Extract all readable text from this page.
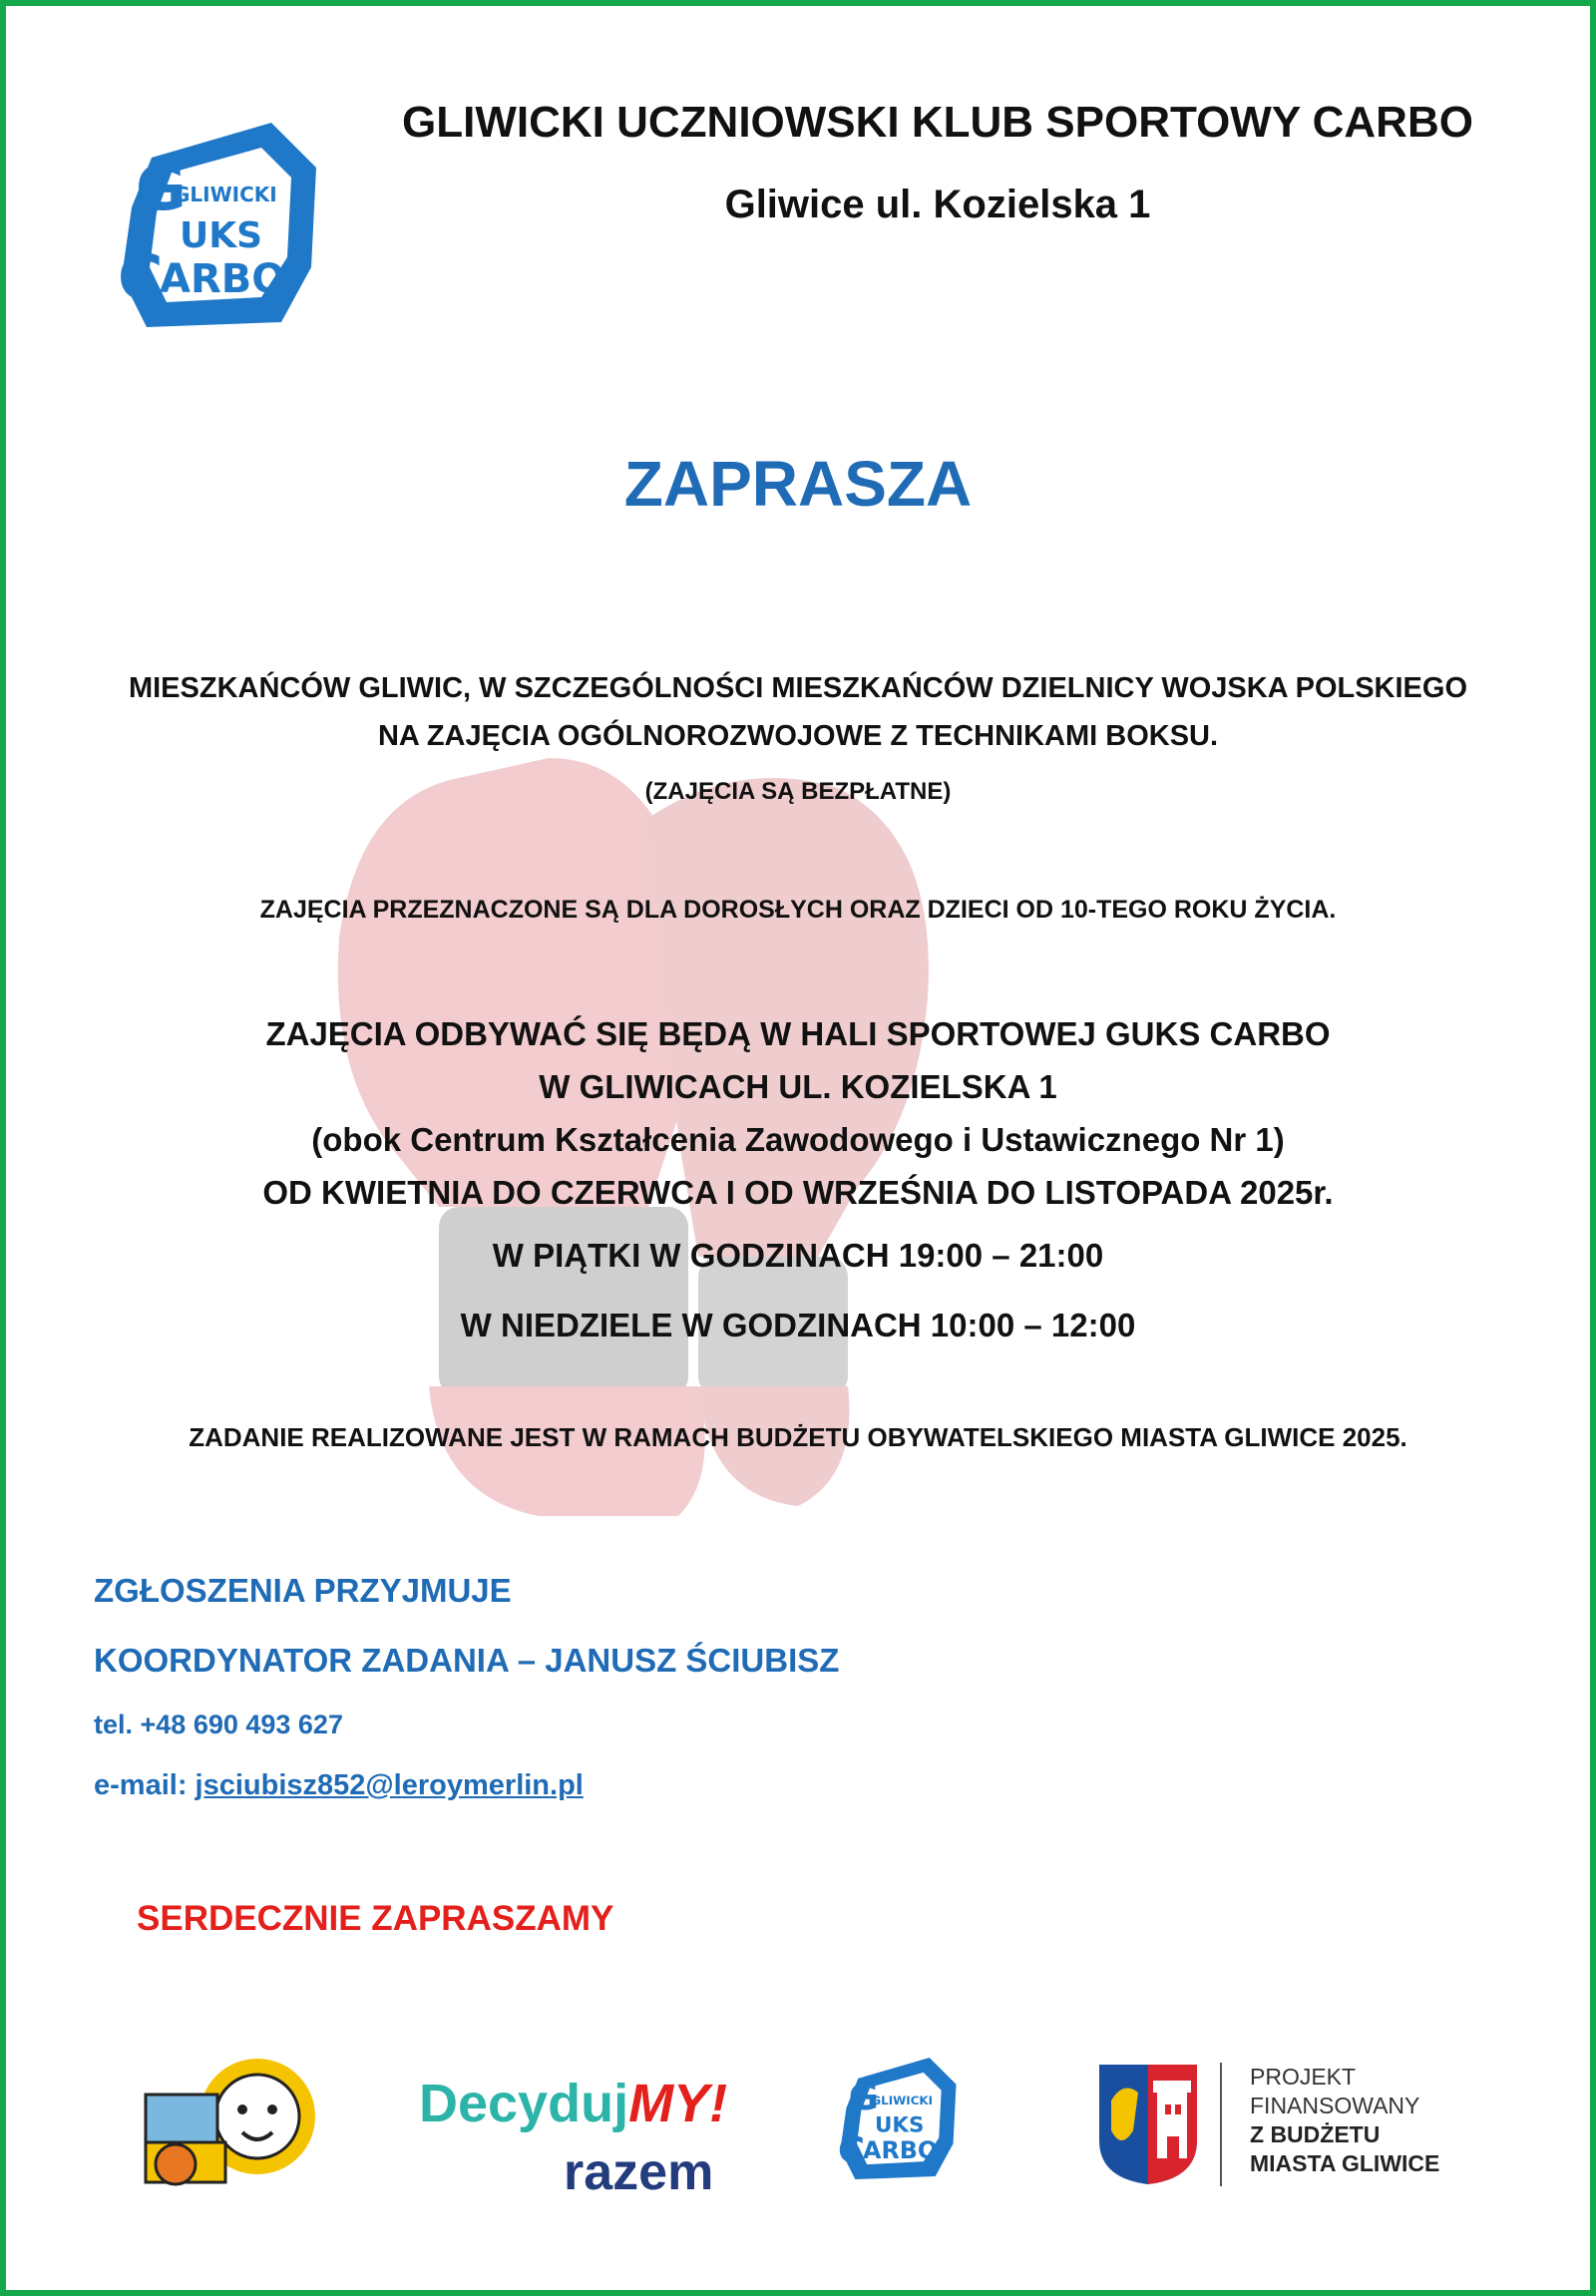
G
GLIWICKI
UKS
C
ARBO
GLIWICKI UCZNIOWSKI KLUB SPORTOWY CARBO
Gliwice ul. Kozielska 1
ZAPRASZA
MIESZKAŃCÓW GLIWIC, W SZCZEGÓLNOŚCI MIESZKAŃCÓW DZIELNICY WOJSKA POLSKIEGO
NA ZAJĘCIA OGÓLNOROZWOJOWE Z TECHNIKAMI BOKSU.
(ZAJĘCIA SĄ BEZPŁATNE)
ZAJĘCIA PRZEZNACZONE SĄ DLA DOROSŁYCH ORAZ DZIECI OD 10-TEGO ROKU ŻYCIA.
ZAJĘCIA ODBYWAĆ SIĘ BĘDĄ W HALI SPORTOWEJ GUKS CARBO
W GLIWICACH UL. KOZIELSKA 1
(obok Centrum Kształcenia Zawodowego i Ustawicznego Nr 1)
OD KWIETNIA DO CZERWCA I OD WRZEŚNIA DO LISTOPADA 2025r.
W PIĄTKI W GODZINACH 19:00 – 21:00
W NIEDZIELE W GODZINACH 10:00 – 12:00
ZADANIE REALIZOWANE JEST W RAMACH BUDŻETU OBYWATELSKIEGO MIASTA GLIWICE 2025.
ZGŁOSZENIA PRZYJMUJE
KOORDYNATOR ZADANIA – JANUSZ ŚCIUBISZ
tel. +48 690 493 627
e-mail: jsciubisz852@leroymerlin.pl
SERDECZNIE ZAPRASZAMY
DecydujMY!
razem
G
GLIWICKI
UKS
C
ARBO
PROJEKT
FINANSOWANY
Z BUDŻETU
MIASTA GLIWICE
